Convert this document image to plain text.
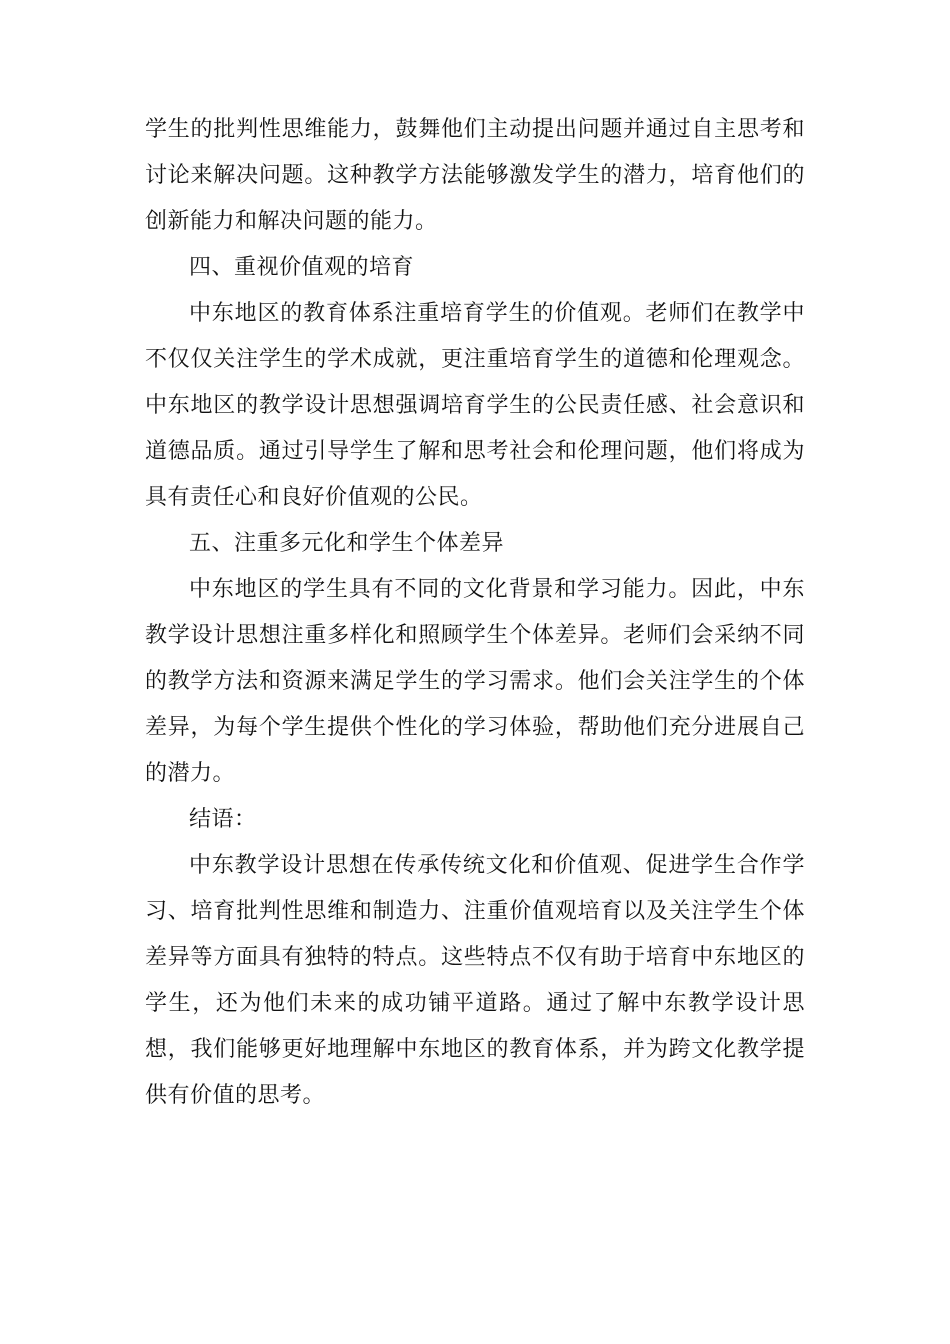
学生的批判性思维能力，鼓舞他们主动提出问题并通过自主思考和讨论来解决问题。这种教学方法能够激发学生的潜力，培育他们的创新能力和解决问题的能力。

四、重视价值观的培育

中东地区的教育体系注重培育学生的价值观。老师们在教学中不仅仅关注学生的学术成就，更注重培育学生的道德和伦理观念。中东地区的教学设计思想强调培育学生的公民责任感、社会意识和道德品质。通过引导学生了解和思考社会和伦理问题，他们将成为具有责任心和良好价值观的公民。

五、注重多元化和学生个体差异

中东地区的学生具有不同的文化背景和学习能力。因此，中东教学设计思想注重多样化和照顾学生个体差异。老师们会采纳不同的教学方法和资源来满足学生的学习需求。他们会关注学生的个体差异，为每个学生提供个性化的学习体验，帮助他们充分进展自己的潜力。

结语：

中东教学设计思想在传承传统文化和价值观、促进学生合作学习、培育批判性思维和制造力、注重价值观培育以及关注学生个体差异等方面具有独特的特点。这些特点不仅有助于培育中东地区的学生，还为他们未来的成功铺平道路。通过了解中东教学设计思想，我们能够更好地理解中东地区的教育体系，并为跨文化教学提供有价值的思考。
